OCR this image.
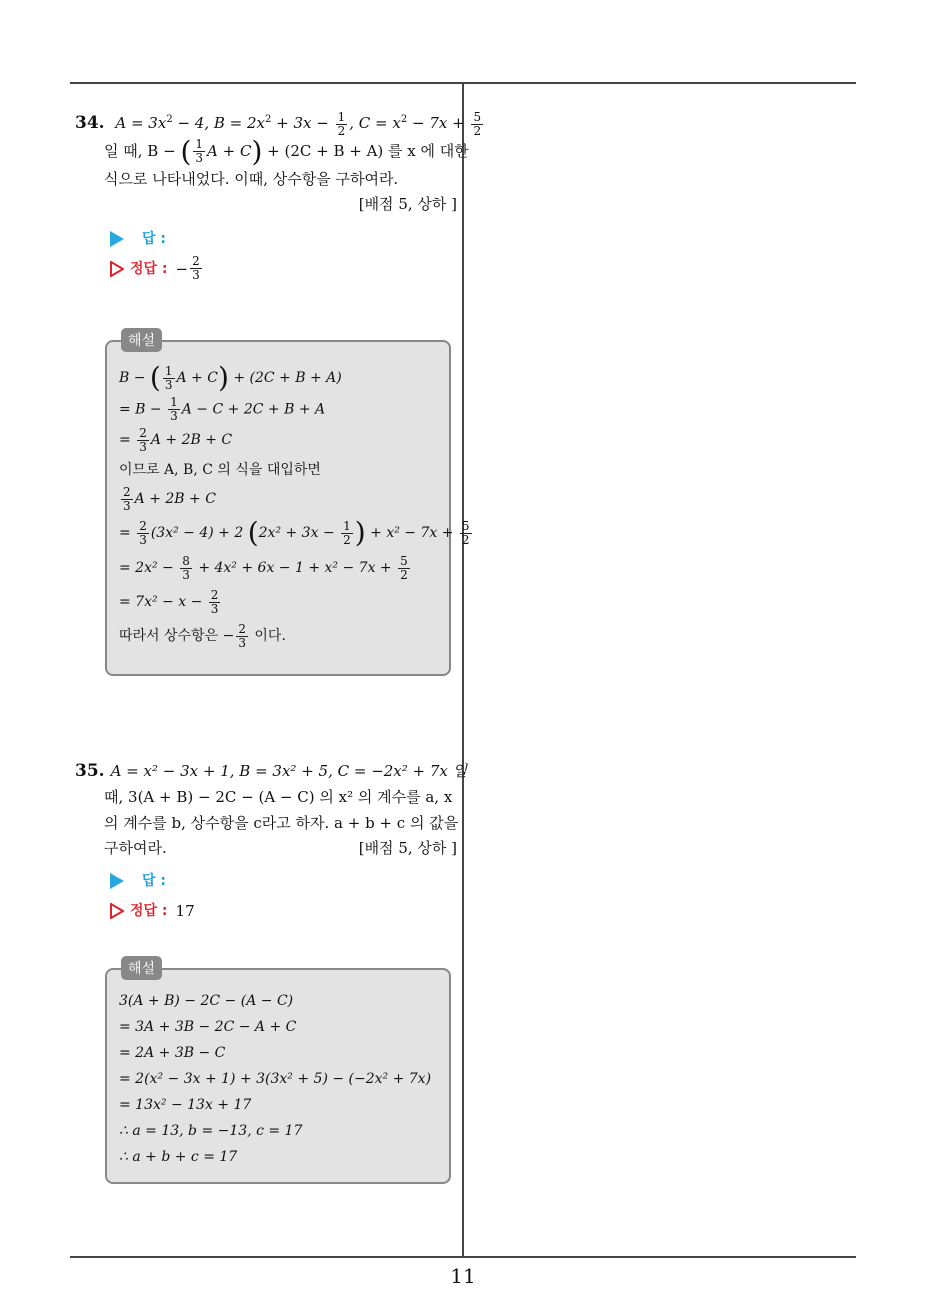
34. $A = 3x^2 - 4$, $B = 2x^2 + 3x - \frac{1}{2}$ , $C = x^2 - 7x + \frac{5}{2}$
일 때, B − ( $\frac{1}{3}$ A + C) + (2C + B + A) 를 x 에 대한
식으로 나타내었다. 이때, 상수항을 구하여라.
[배점 5, 상하 ]
답 :
정답 : − $\frac{2}{3}$
해설
B − ( $\frac{1}{3}$ A + C) + (2C + B + A)
= $B - \frac{1}{3}$ A − C + 2C + B + A
= $\frac{2}{3}$ A + 2B + C
이므로 A, B, C 의 식을 대입하면
$\frac{2}{3}$ A + 2B + C
= $\frac{2}{3} (3x^2 - 4) + 2$ ($2x^2 + 3x - \frac{1}{2}$ ) + $x^2 - 7x + \frac{5}{2}$
= $2x^2 - \frac{8}{3} + 4x^2 + 6x - 1 + x^2 - 7x + \frac{5}{2}$
= $7x^2 - x - \frac{2}{3}$
따라서 상수항은 − $\frac{2}{3}$ 이다.
35. A = x² − 3x + 1, B = 3x² + 5, C = −2x² + 7x 일
때, 3(A + B) − 2C − (A − C) 의 x² 의 계수를 a, x
의 계수를 b, 상수항을 c라고 하자. a + b + c 의 값을
구하여라.	[배점 5, 상하 ]
답 :
정답 : 17
해설
3(A + B) − 2C − (A − C)
= 3A + 3B − 2C − A + C
= 2A + 3B − C
= 2(x² − 3x + 1) + 3(3x² + 5) − (−2x² + 7x)
= 13x² − 13x + 17
∴ a = 13, b = −13, c = 17
∴ a + b + c = 17
11
